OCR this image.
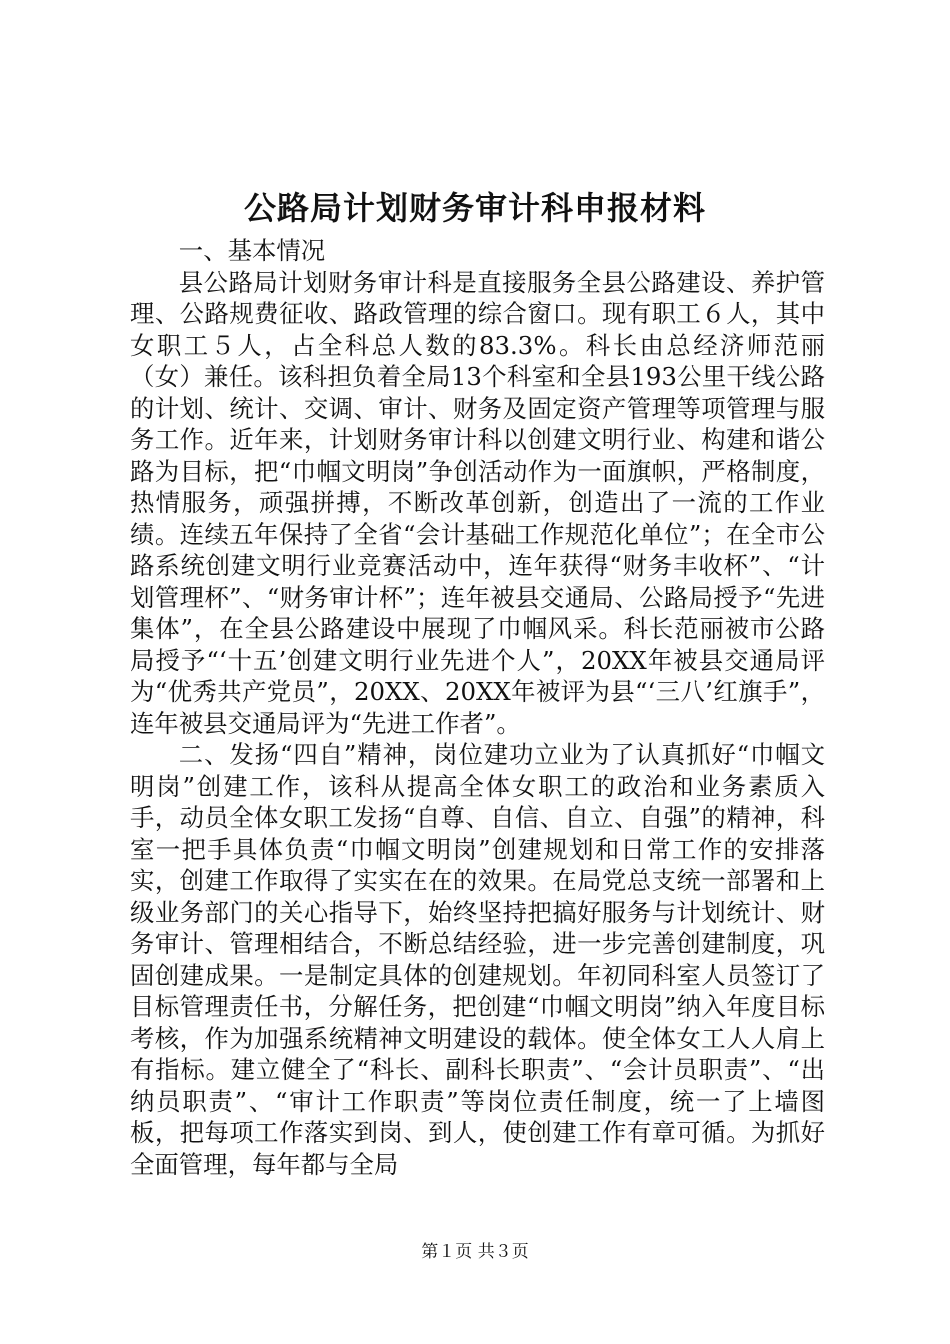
公路局计划财务审计科申报材料

一、基本情况

县公路局计划财务审计科是直接服务全县公路建设、养护管理、公路规费征收、路政管理的综合窗口。现有职工６人，其中女职工５人，占全科总人数的83.3%。科长由总经济师范丽（女）兼任。该科担负着全局13个科室和全县193公里干线公路的计划、统计、交调、审计、财务及固定资产管理等项管理与服务工作。近年来，计划财务审计科以创建文明行业、构建和谐公路为目标，把“巾帼文明岗”争创活动作为一面旗帜，严格制度，热情服务，顽强拼搏，不断改革创新，创造出了一流的工作业绩。连续五年保持了全省“会计基础工作规范化单位”；在全市公路系统创建文明行业竞赛活动中，连年获得“财务丰收杯”、“计划管理杯”、“财务审计杯”；连年被县交通局、公路局授予“先进集体”，在全县公路建设中展现了巾帼风采。科长范丽被市公路局授予“‘十五’创建文明行业先进个人”，20XX年被县交通局评为“优秀共产党员”，20XX、20XX年被评为县“‘三八’红旗手”，连年被县交通局评为“先进工作者”。

二、发扬“四自”精神，岗位建功立业为了认真抓好“巾帼文明岗”创建工作，该科从提高全体女职工的政治和业务素质入手，动员全体女职工发扬“自尊、自信、自立、自强”的精神，科室一把手具体负责“巾帼文明岗”创建规划和日常工作的安排落实，创建工作取得了实实在在的效果。在局党总支统一部署和上级业务部门的关心指导下，始终坚持把搞好服务与计划统计、财务审计、管理相结合，不断总结经验，进一步完善创建制度，巩固创建成果。一是制定具体的创建规划。年初同科室人员签订了目标管理责任书，分解任务，把创建“巾帼文明岗”纳入年度目标考核，作为加强系统精神文明建设的载体。使全体女工人人肩上有指标。建立健全了“科长、副科长职责”、“会计员职责”、“出纳员职责”、“审计工作职责”等岗位责任制度，统一了上墙图板，把每项工作落实到岗、到人，使创建工作有章可循。为抓好全面管理，每年都与全局

第１页 共３页
